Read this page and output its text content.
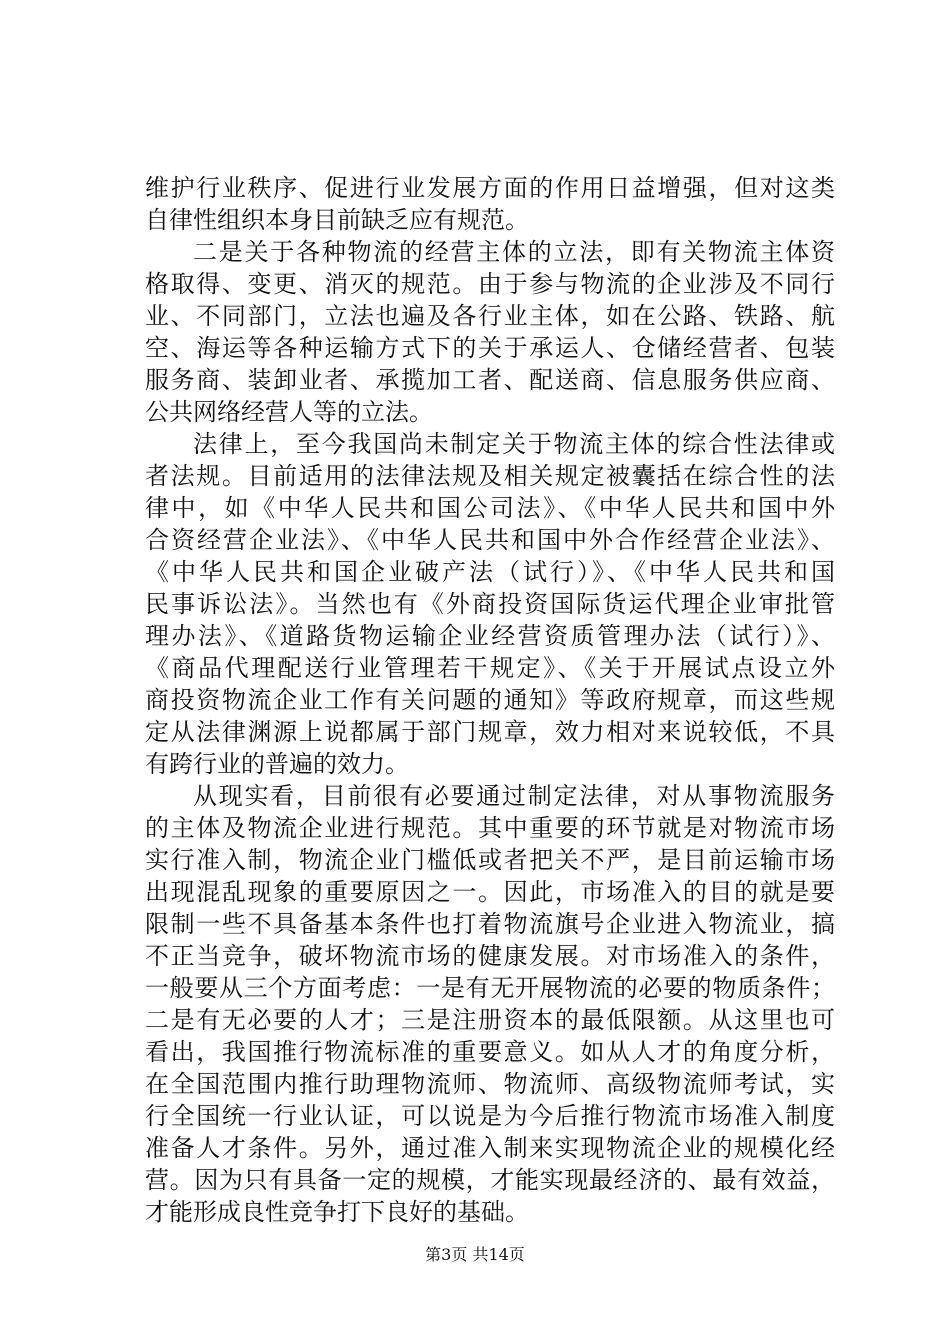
维护行业秩序、促进行业发展方面的作用日益增强，但对这类
自律性组织本身目前缺乏应有规范。
二是关于各种物流的经营主体的立法，即有关物流主体资
格取得、变更、消灭的规范。由于参与物流的企业涉及不同行
业、不同部门，立法也遍及各行业主体，如在公路、铁路、航
空、海运等各种运输方式下的关于承运人、仓储经营者、包装
服务商、装卸业者、承揽加工者、配送商、信息服务供应商、
公共网络经营人等的立法。
法律上，至今我国尚未制定关于物流主体的综合性法律或
者法规。目前适用的法律法规及相关规定被囊括在综合性的法
律中，如《中华人民共和国公司法》、《中华人民共和国中外
合资经营企业法》、《中华人民共和国中外合作经营企业法》、
《中华人民共和国企业破产法（试行）》、《中华人民共和国
民事诉讼法》。当然也有《外商投资国际货运代理企业审批管
理办法》、《道路货物运输企业经营资质管理办法（试行）》、
《商品代理配送行业管理若干规定》、《关于开展试点设立外
商投资物流企业工作有关问题的通知》等政府规章，而这些规
定从法律渊源上说都属于部门规章，效力相对来说较低，不具
有跨行业的普遍的效力。
从现实看，目前很有必要通过制定法律，对从事物流服务
的主体及物流企业进行规范。其中重要的环节就是对物流市场
实行准入制，物流企业门槛低或者把关不严，是目前运输市场
出现混乱现象的重要原因之一。因此，市场准入的目的就是要
限制一些不具备基本条件也打着物流旗号企业进入物流业，搞
不正当竞争，破坏物流市场的健康发展。对市场准入的条件，
一般要从三个方面考虑：一是有无开展物流的必要的物质条件；
二是有无必要的人才；三是注册资本的最低限额。从这里也可
看出，我国推行物流标准的重要意义。如从人才的角度分析，
在全国范围内推行助理物流师、物流师、高级物流师考试，实
行全国统一行业认证，可以说是为今后推行物流市场准入制度
准备人才条件。另外，通过准入制来实现物流企业的规模化经
营。因为只有具备一定的规模，才能实现最经济的、最有效益，
才能形成良性竞争打下良好的基础。
第3页 共14页
